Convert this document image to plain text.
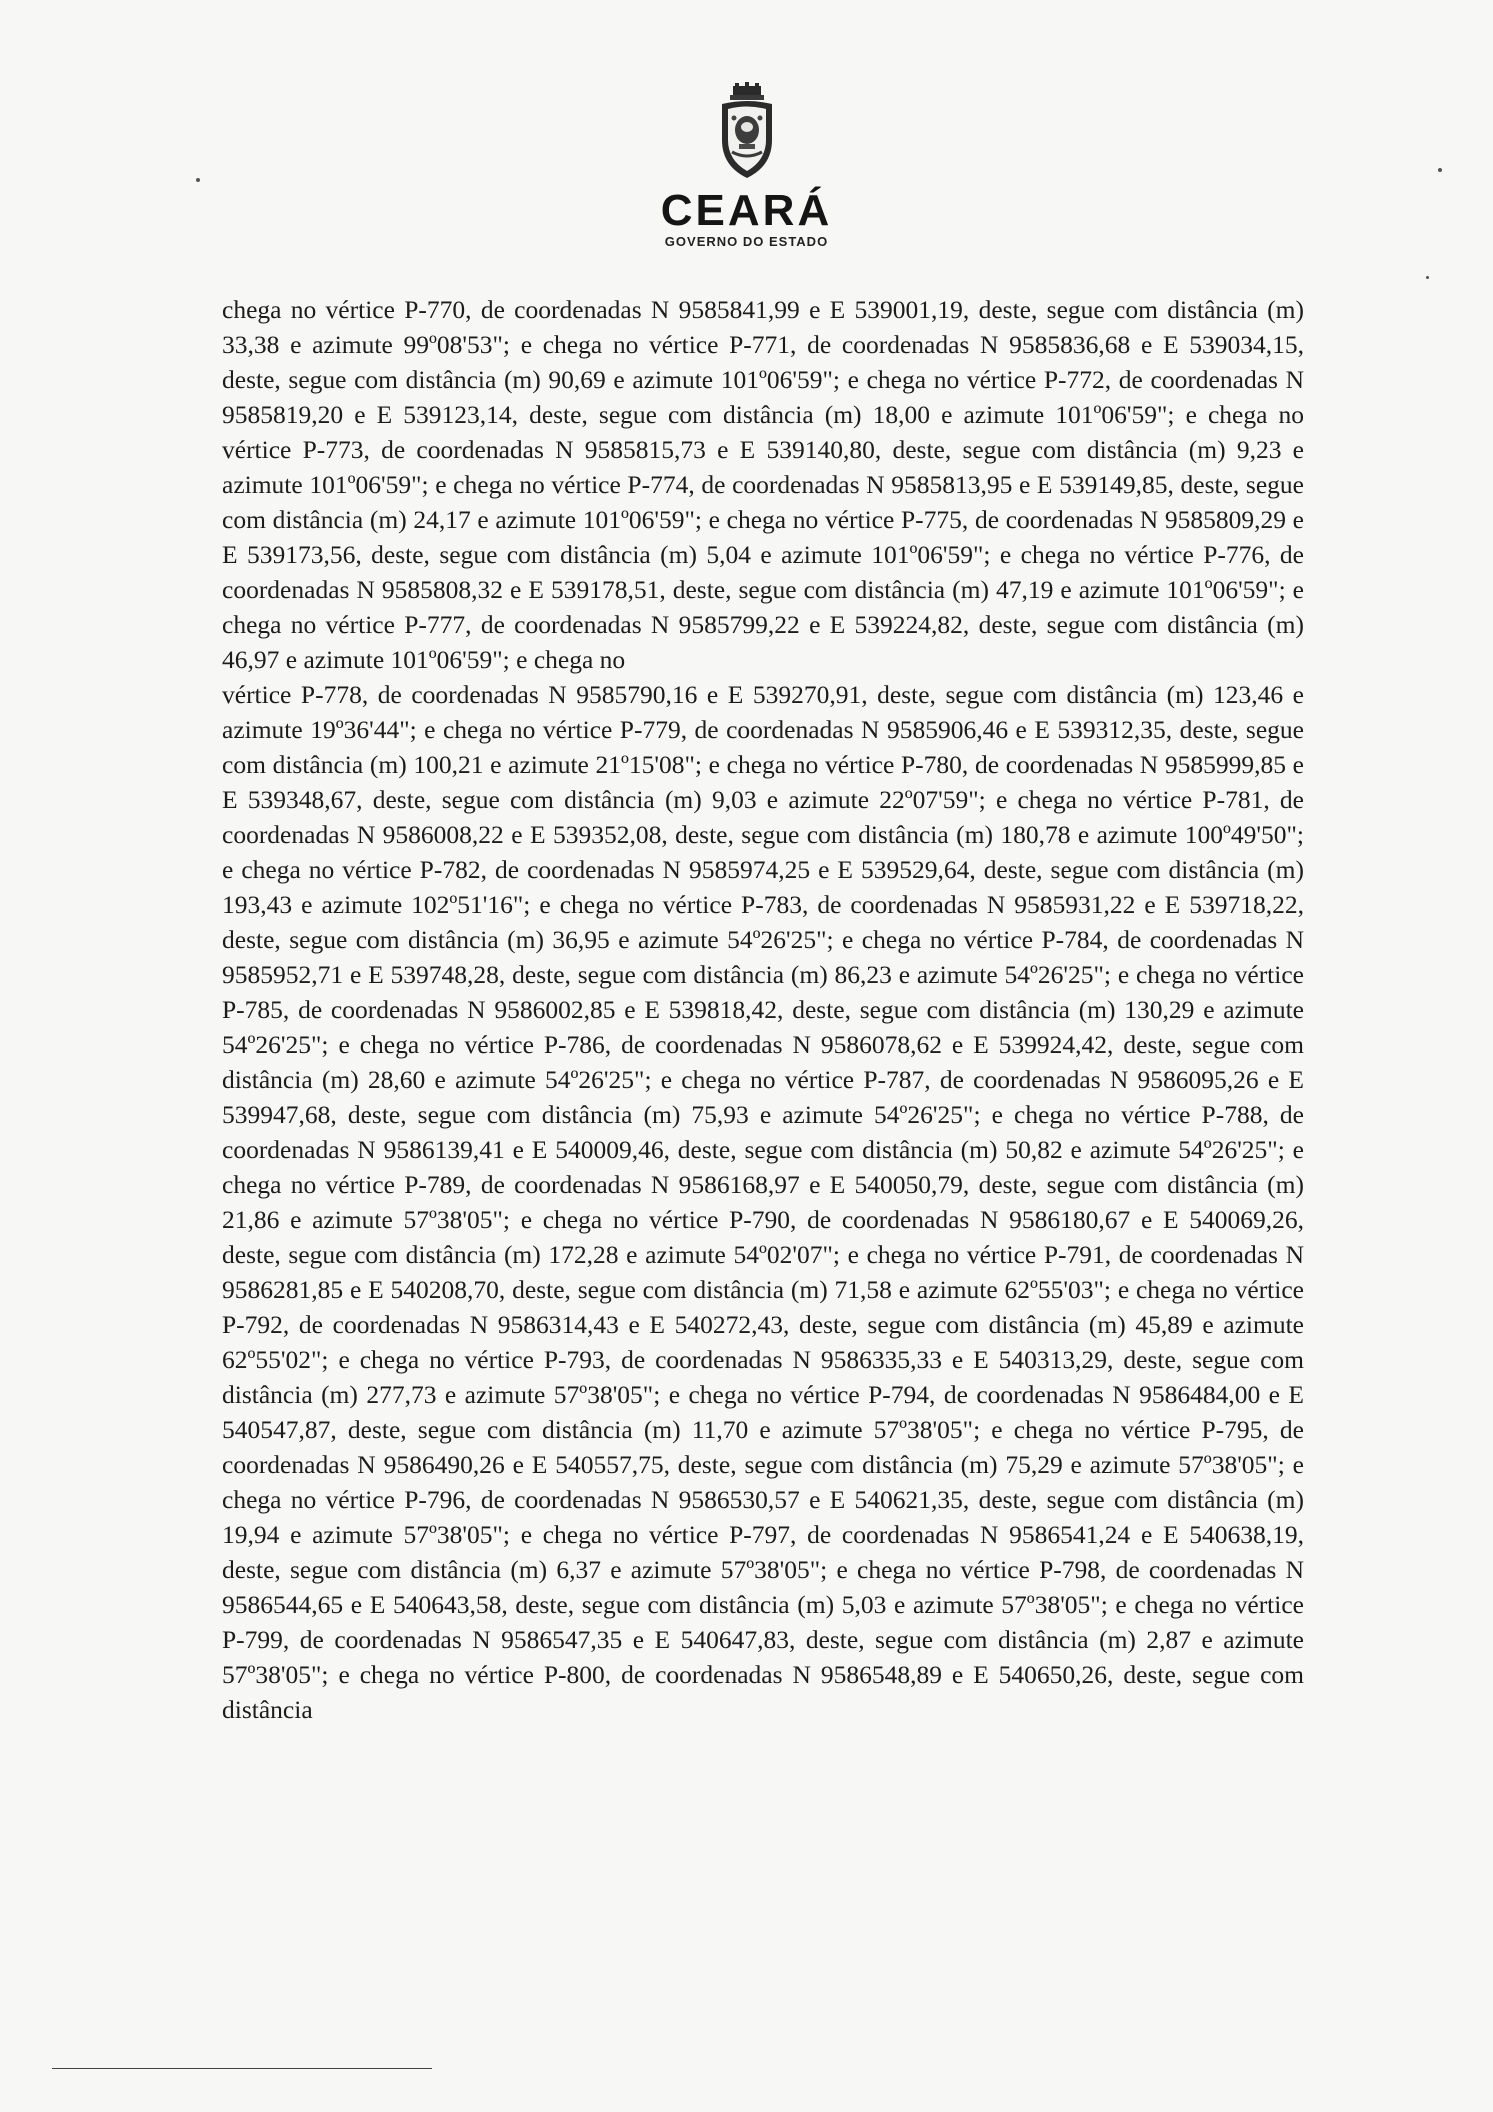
CEARÁ
GOVERNO DO ESTADO

chega no vértice P-770, de coordenadas N 9585841,99 e E 539001,19, deste, segue com distância (m) 33,38 e azimute 99º08'53"; e chega no vértice P-771, de coordenadas N 9585836,68 e E 539034,15, deste, segue com distância (m) 90,69 e azimute 101º06'59"; e chega no vértice P-772, de coordenadas N 9585819,20 e E 539123,14, deste, segue com distância (m) 18,00 e azimute 101º06'59"; e chega no vértice P-773, de coordenadas N 9585815,73 e E 539140,80, deste, segue com distância (m) 9,23 e azimute 101º06'59"; e chega no vértice P-774, de coordenadas N 9585813,95 e E 539149,85, deste, segue com distância (m) 24,17 e azimute 101º06'59"; e chega no vértice P-775, de coordenadas N 9585809,29 e E 539173,56, deste, segue com distância (m) 5,04 e azimute 101º06'59"; e chega no vértice P-776, de coordenadas N 9585808,32 e E 539178,51, deste, segue com distância (m) 47,19 e azimute 101º06'59"; e chega no vértice P-777, de coordenadas N 9585799,22 e E 539224,82, deste, segue com distância (m) 46,97 e azimute 101º06'59"; e chega no

vértice P-778, de coordenadas N 9585790,16 e E 539270,91, deste, segue com distância (m) 123,46 e azimute 19º36'44"; e chega no vértice P-779, de coordenadas N 9585906,46 e E 539312,35, deste, segue com distância (m) 100,21 e azimute 21º15'08"; e chega no vértice P-780, de coordenadas N 9585999,85 e E 539348,67, deste, segue com distância (m) 9,03 e azimute 22º07'59"; e chega no vértice P-781, de coordenadas N 9586008,22 e E 539352,08, deste, segue com distância (m) 180,78 e azimute 100º49'50"; e chega no vértice P-782, de coordenadas N 9585974,25 e E 539529,64, deste, segue com distância (m) 193,43 e azimute 102º51'16"; e chega no vértice P-783, de coordenadas N 9585931,22 e E 539718,22, deste, segue com distância (m) 36,95 e azimute 54º26'25"; e chega no vértice P-784, de coordenadas N 9585952,71 e E 539748,28, deste, segue com distância (m) 86,23 e azimute 54º26'25"; e chega no vértice P-785, de coordenadas N 9586002,85 e E 539818,42, deste, segue com distância (m) 130,29 e azimute 54º26'25"; e chega no vértice P-786, de coordenadas N 9586078,62 e E 539924,42, deste, segue com distância (m) 28,60 e azimute 54º26'25"; e chega no vértice P-787, de coordenadas N 9586095,26 e E 539947,68, deste, segue com distância (m) 75,93 e azimute 54º26'25"; e chega no vértice P-788, de coordenadas N 9586139,41 e E 540009,46, deste, segue com distância (m) 50,82 e azimute 54º26'25"; e chega no vértice P-789, de coordenadas N 9586168,97 e E 540050,79, deste, segue com distância (m) 21,86 e azimute 57º38'05"; e chega no vértice P-790, de coordenadas N 9586180,67 e E 540069,26, deste, segue com distância (m) 172,28 e azimute 54º02'07"; e chega no vértice P-791, de coordenadas N 9586281,85 e E 540208,70, deste, segue com distância (m) 71,58 e azimute 62º55'03"; e chega no vértice P-792, de coordenadas N 9586314,43 e E 540272,43, deste, segue com distância (m) 45,89 e azimute 62º55'02"; e chega no vértice P-793, de coordenadas N 9586335,33 e E 540313,29, deste, segue com distância (m) 277,73 e azimute 57º38'05"; e chega no vértice P-794, de coordenadas N 9586484,00 e E 540547,87, deste, segue com distância (m) 11,70 e azimute 57º38'05"; e chega no vértice P-795, de coordenadas N 9586490,26 e E 540557,75, deste, segue com distância (m) 75,29 e azimute 57º38'05"; e chega no vértice P-796, de coordenadas N 9586530,57 e E 540621,35, deste, segue com distância (m) 19,94 e azimute 57º38'05"; e chega no vértice P-797, de coordenadas N 9586541,24 e E 540638,19, deste, segue com distância (m) 6,37 e azimute 57º38'05"; e chega no vértice P-798, de coordenadas N 9586544,65 e E 540643,58, deste, segue com distância (m) 5,03 e azimute 57º38'05"; e chega no vértice P-799, de coordenadas N 9586547,35 e E 540647,83, deste, segue com distância (m) 2,87 e azimute 57º38'05"; e chega no vértice P-800, de coordenadas N 9586548,89 e E 540650,26, deste, segue com distância
